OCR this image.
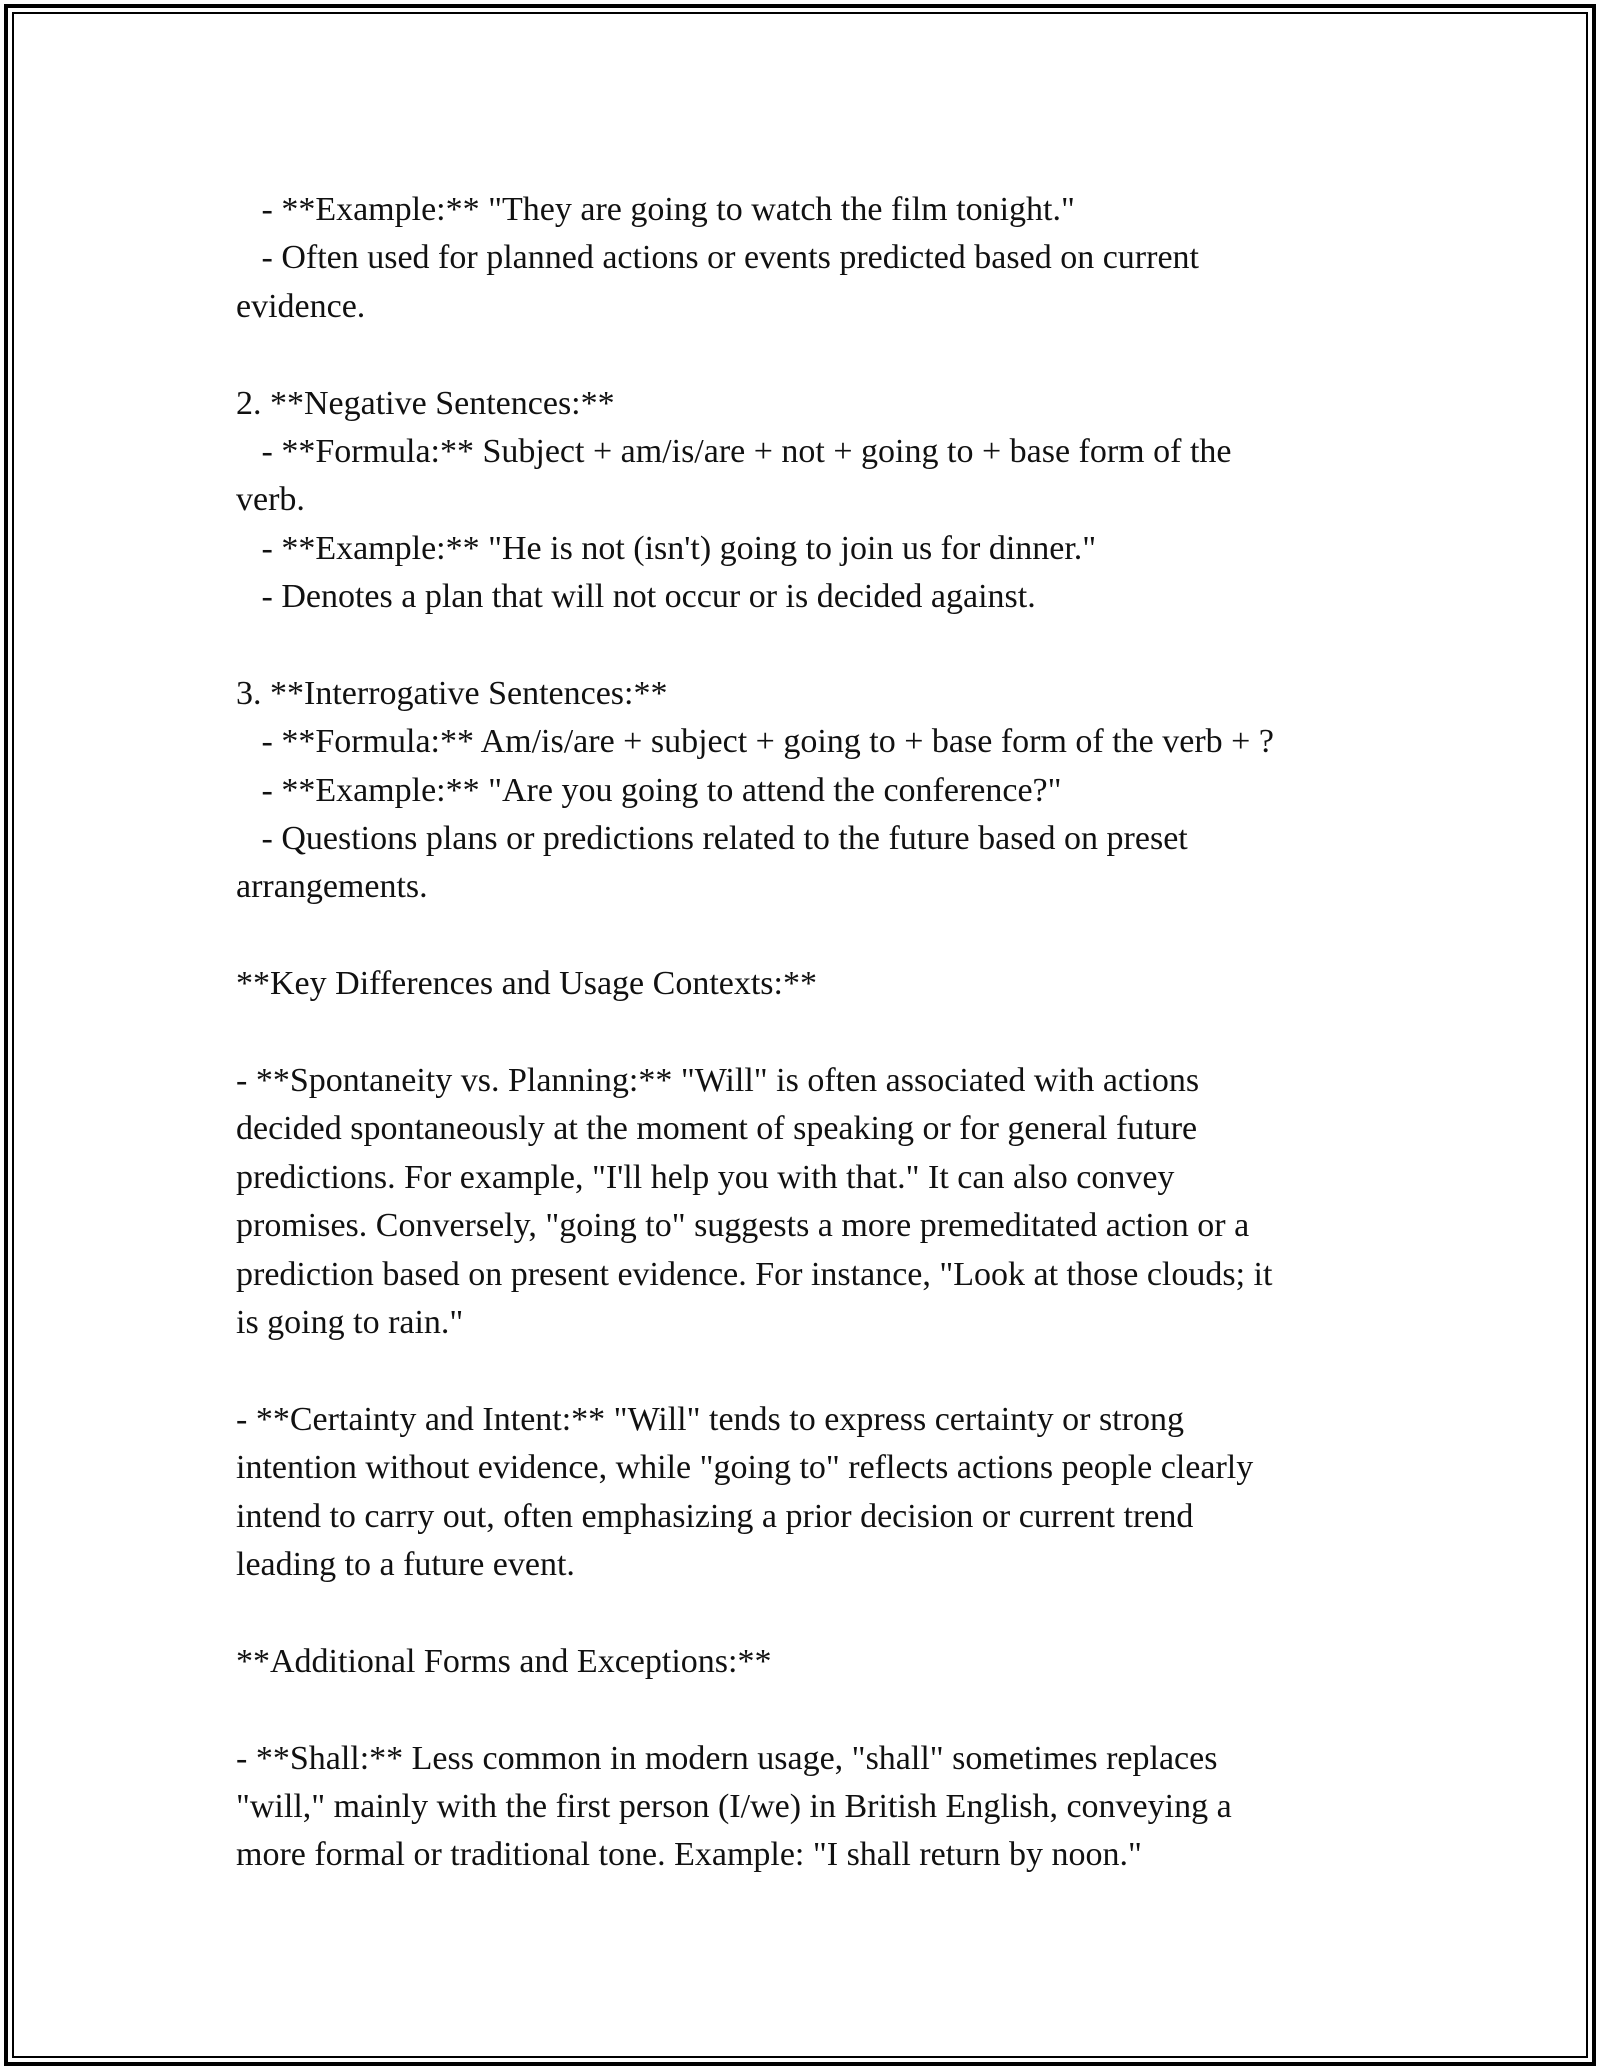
- **Example:** "They are going to watch the film tonight."
- Often used for planned actions or events predicted based on current
evidence.
2. **Negative Sentences:**
- **Formula:** Subject + am/is/are + not + going to + base form of the
verb.
- **Example:** "He is not (isn't) going to join us for dinner."
- Denotes a plan that will not occur or is decided against.
3. **Interrogative Sentences:**
- **Formula:** Am/is/are + subject + going to + base form of the verb + ?
- **Example:** "Are you going to attend the conference?"
- Questions plans or predictions related to the future based on preset
arrangements.
**Key Differences and Usage Contexts:**
- **Spontaneity vs. Planning:** "Will" is often associated with actions
decided spontaneously at the moment of speaking or for general future
predictions. For example, "I'll help you with that." It can also convey
promises. Conversely, "going to" suggests a more premeditated action or a
prediction based on present evidence. For instance, "Look at those clouds; it
is going to rain."
- **Certainty and Intent:** "Will" tends to express certainty or strong
intention without evidence, while "going to" reflects actions people clearly
intend to carry out, often emphasizing a prior decision or current trend
leading to a future event.
**Additional Forms and Exceptions:**
- **Shall:** Less common in modern usage, "shall" sometimes replaces
"will," mainly with the first person (I/we) in British English, conveying a
more formal or traditional tone. Example: "I shall return by noon."
